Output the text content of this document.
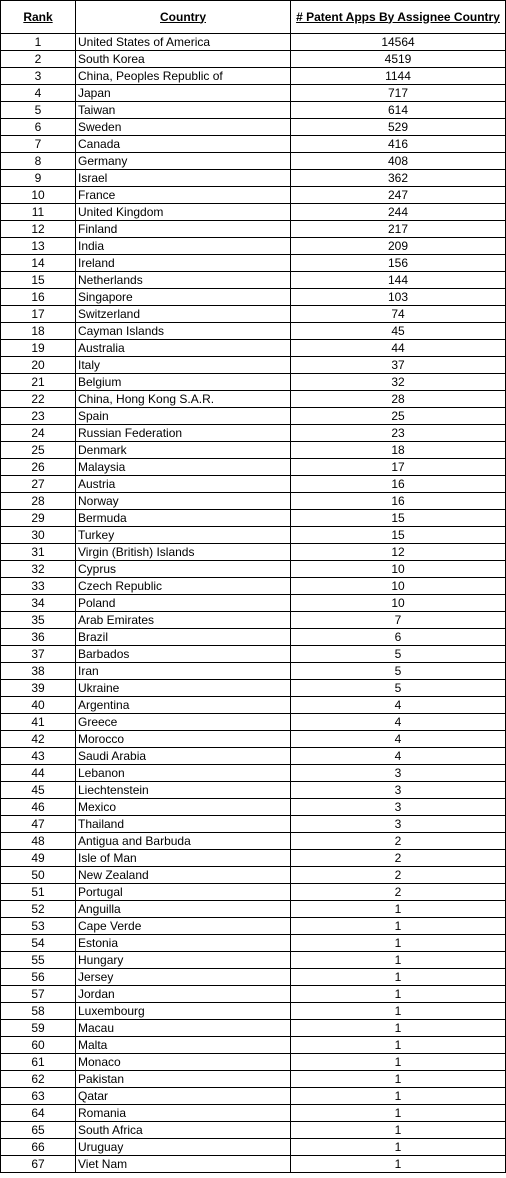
Rank	Country	# Patent Apps By Assignee Country
1	United States of America	14564
2	South Korea	4519
3	China, Peoples Republic of	1144
4	Japan	717
5	Taiwan	614
6	Sweden	529
7	Canada	416
8	Germany	408
9	Israel	362
10	France	247
11	United Kingdom	244
12	Finland	217
13	India	209
14	Ireland	156
15	Netherlands	144
16	Singapore	103
17	Switzerland	74
18	Cayman Islands	45
19	Australia	44
20	Italy	37
21	Belgium	32
22	China, Hong Kong S.A.R.	28
23	Spain	25
24	Russian Federation	23
25	Denmark	18
26	Malaysia	17
27	Austria	16
28	Norway	16
29	Bermuda	15
30	Turkey	15
31	Virgin (British) Islands	12
32	Cyprus	10
33	Czech Republic	10
34	Poland	10
35	Arab Emirates	7
36	Brazil	6
37	Barbados	5
38	Iran	5
39	Ukraine	5
40	Argentina	4
41	Greece	4
42	Morocco	4
43	Saudi Arabia	4
44	Lebanon	3
45	Liechtenstein	3
46	Mexico	3
47	Thailand	3
48	Antigua and Barbuda	2
49	Isle of Man	2
50	New Zealand	2
51	Portugal	2
52	Anguilla	1
53	Cape Verde	1
54	Estonia	1
55	Hungary	1
56	Jersey	1
57	Jordan	1
58	Luxembourg	1
59	Macau	1
60	Malta	1
61	Monaco	1
62	Pakistan	1
63	Qatar	1
64	Romania	1
65	South Africa	1
66	Uruguay	1
67	Viet Nam	1
